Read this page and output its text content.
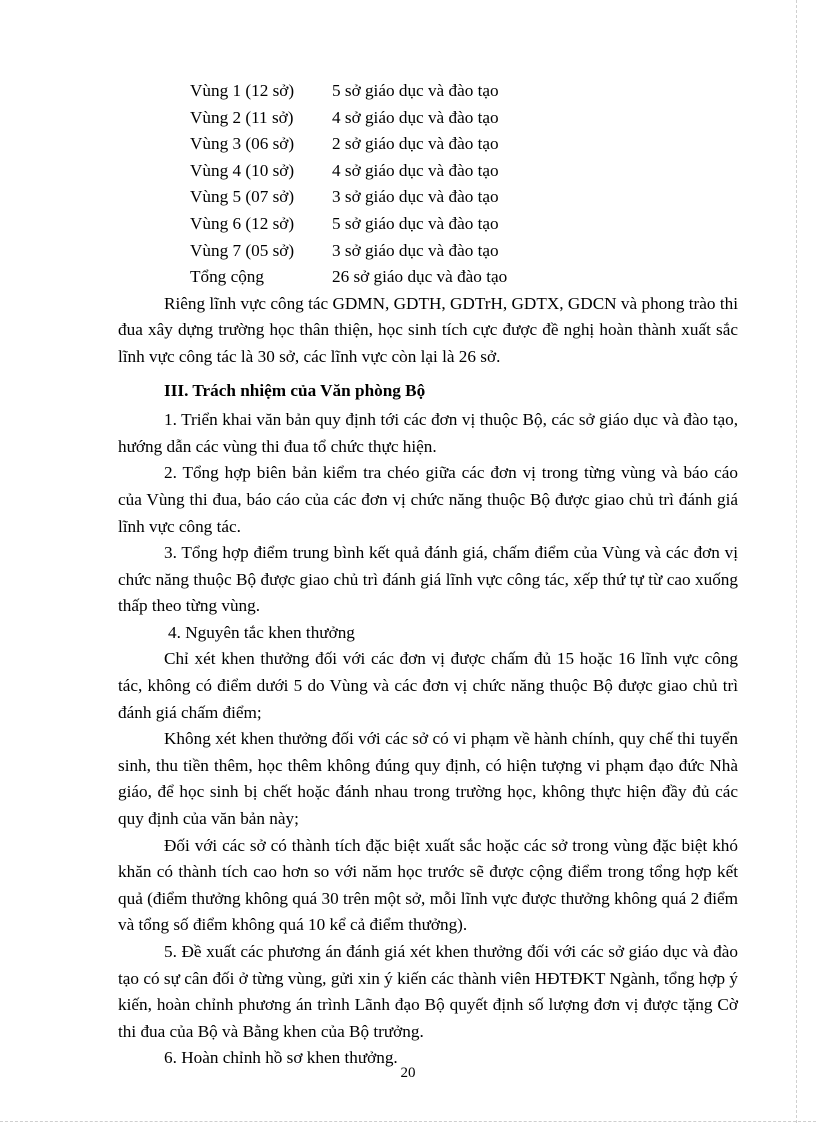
Vùng 1 (12 sở)	5 sở giáo dục và đào tạo
Vùng 2 (11 sở)	4 sở giáo dục và đào tạo
Vùng 3 (06 sở)	2 sở giáo dục và đào tạo
Vùng 4 (10 sở)	4 sở giáo dục và đào tạo
Vùng 5 (07 sở)	3 sở giáo dục và đào tạo
Vùng 6 (12 sở)	5 sở giáo dục và đào tạo
Vùng 7 (05 sở)	3 sở giáo dục và đào tạo
Tổng cộng	26 sở giáo dục và đào tạo

Riêng lĩnh vực công tác GDMN, GDTH, GDTrH, GDTX, GDCN và phong trào thi đua xây dựng trường học thân thiện, học sinh tích cực được đề nghị hoàn thành xuất sắc lĩnh vực công tác là 30 sở, các lĩnh vực còn lại là 26 sở.

III. Trách nhiệm của Văn phòng Bộ

1. Triển khai văn bản quy định tới các đơn vị thuộc Bộ, các sở giáo dục và đào tạo, hướng dẫn các vùng thi đua tổ chức thực hiện.

2. Tổng hợp biên bản kiểm tra chéo giữa các đơn vị trong từng vùng và báo cáo của Vùng thi đua, báo cáo của các đơn vị chức năng thuộc Bộ được giao chủ trì đánh giá lĩnh vực công tác.

3. Tổng hợp điểm trung bình kết quả đánh giá, chấm điểm của Vùng và các đơn vị chức năng thuộc Bộ được giao chủ trì đánh giá lĩnh vực công tác, xếp thứ tự từ cao xuống thấp theo từng vùng.

4. Nguyên tắc khen thưởng

Chỉ xét khen thưởng đối với các đơn vị được chấm đủ 15 hoặc 16 lĩnh vực công tác, không có điểm dưới 5 do Vùng và các đơn vị chức năng thuộc Bộ được giao chủ trì đánh giá chấm điểm;

Không xét khen thưởng đối với các sở có vi phạm về hành chính, quy chế thi tuyển sinh, thu tiền thêm, học thêm không đúng quy định, có hiện tượng vi phạm đạo đức Nhà giáo, để học sinh bị chết hoặc đánh nhau trong trường học, không thực hiện đầy đủ các quy định của văn bản này;

Đối với các sở có thành tích đặc biệt xuất sắc hoặc các sở trong vùng đặc biệt khó khăn có thành tích cao hơn so với năm học trước sẽ được cộng điểm trong tổng hợp kết quả (điểm thưởng không quá 30 trên một sở, mỗi lĩnh vực được thưởng không quá 2 điểm và tổng số điểm không quá 10 kể cả điểm thưởng).

5. Đề xuất các phương án đánh giá xét khen thưởng đối với các sở giáo dục và đào tạo có sự cân đối ở từng vùng, gửi xin ý kiến các thành viên HĐTĐKT Ngành, tổng hợp ý kiến, hoàn chỉnh phương án trình Lãnh đạo Bộ quyết định số lượng đơn vị được tặng Cờ thi đua của Bộ và Bằng khen của Bộ trưởng.

6. Hoàn chỉnh hồ sơ khen thưởng.

20
